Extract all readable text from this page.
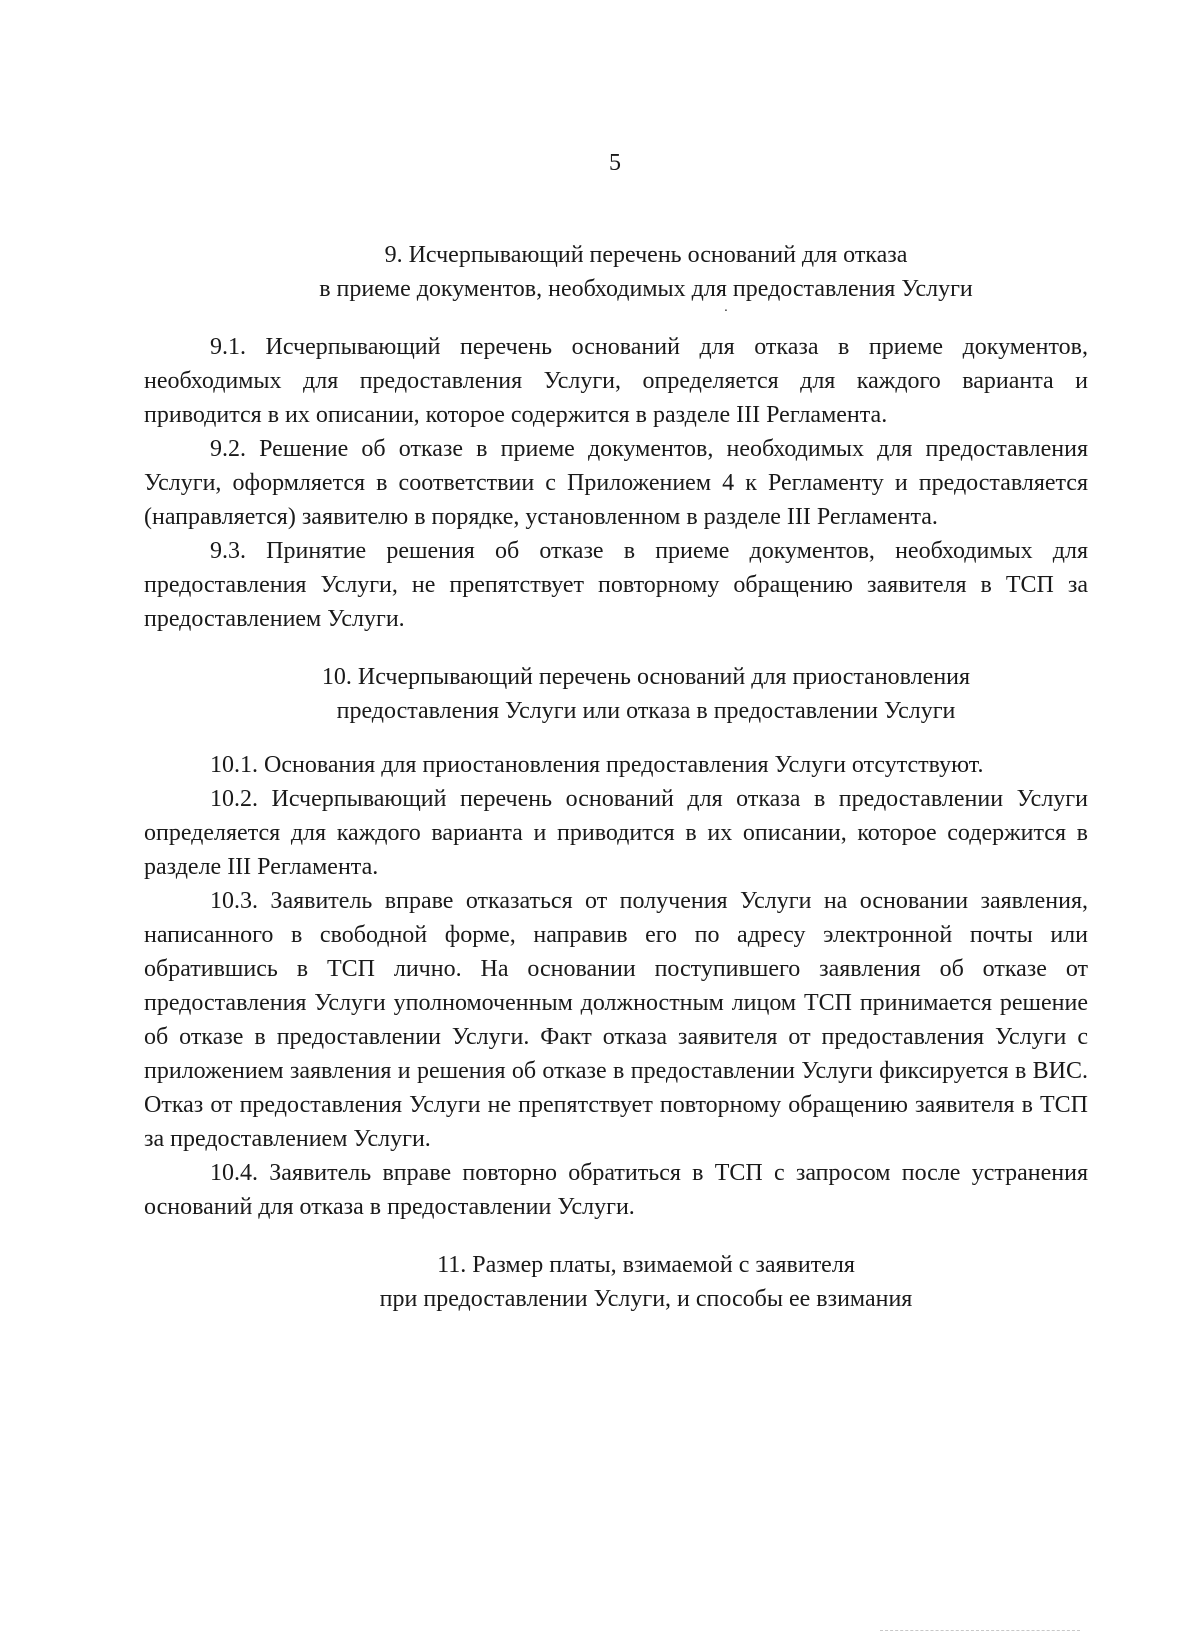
5
9. Исчерпывающий перечень оснований для отказа
в приеме документов, необходимых для предоставления Услуги
·

9.1. Исчерпывающий перечень оснований для отказа в приеме документов, необходимых для предоставления Услуги, определяется для каждого варианта и приводится в их описании, которое содержится в разделе III Регламента.

9.2. Решение об отказе в приеме документов, необходимых для предоставления Услуги, оформляется в соответствии с Приложением 4 к Регламенту и предоставляется (направляется) заявителю в порядке, установленном в разделе III Регламента.

9.3. Принятие решения об отказе в приеме документов, необходимых для предоставления Услуги, не препятствует повторному обращению заявителя в ТСП за предоставлением Услуги.

10. Исчерпывающий перечень оснований для приостановления
предоставления Услуги или отказа в предоставлении Услуги

10.1. Основания для приостановления предоставления Услуги отсутствуют.

10.2. Исчерпывающий перечень оснований для отказа в предоставлении Услуги определяется для каждого варианта и приводится в их описании, которое содержится в разделе III Регламента.

10.3. Заявитель вправе отказаться от получения Услуги на основании заявления, написанного в свободной форме, направив его по адресу электронной почты или обратившись в ТСП лично. На основании поступившего заявления об отказе от предоставления Услуги уполномоченным должностным лицом ТСП принимается решение об отказе в предоставлении Услуги. Факт отказа заявителя от предоставления Услуги с приложением заявления и решения об отказе в предоставлении Услуги фиксируется в ВИС. Отказ от предоставления Услуги не препятствует повторному обращению заявителя в ТСП за предоставлением Услуги.

10.4. Заявитель вправе повторно обратиться в ТСП с запросом после устранения оснований для отказа в предоставлении Услуги.

11. Размер платы, взимаемой с заявителя
при предоставлении Услуги, и способы ее взимания
